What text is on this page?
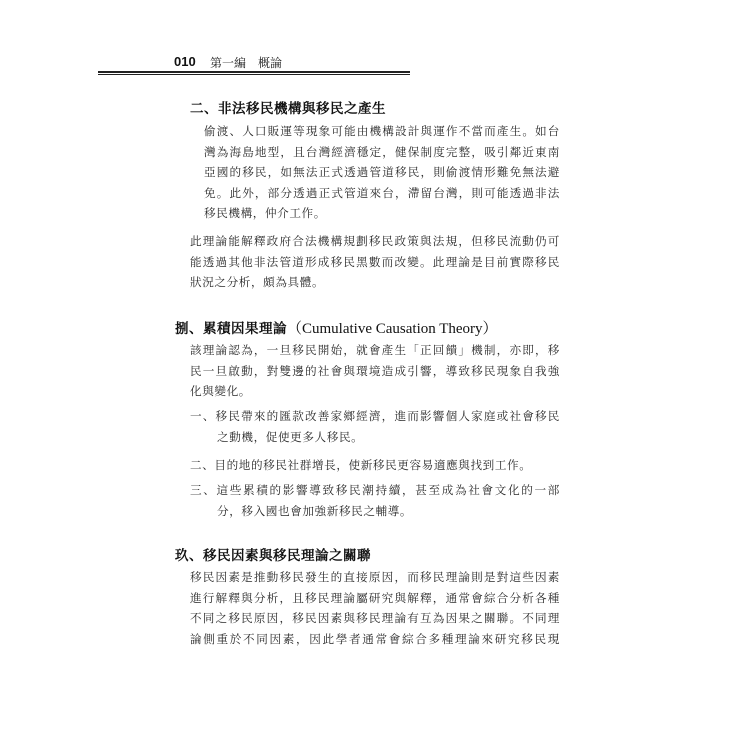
010 第一編　概論
二、非法移民機構與移民之產生
偷渡、人口販運等現象可能由機構設計與運作不當而產生。如台
灣為海島地型，且台灣經濟穩定，健保制度完整，吸引鄰近東南
亞國的移民，如無法正式透過管道移民，則偷渡情形難免無法避
免。此外，部分透過正式管道來台，滯留台灣，則可能透過非法
移民機構，仲介工作。
此理論能解釋政府合法機構規劃移民政策與法規，但移民流動仍可
能透過其他非法管道形成移民黑數而改變。此理論是目前實際移民
狀況之分析，頗為具體。
捌、累積因果理論（Cumulative Causation Theory）
該理論認為，一旦移民開始，就會產生「正回饋」機制，亦即，移
民一旦啟動，對雙邊的社會與環境造成引響，導致移民現象自我強
化與變化。
一、移民帶來的匯款改善家鄉經濟，進而影響個人家庭或社會移民
之動機，促使更多人移民。
二、目的地的移民社群增長，使新移民更容易適應與找到工作。
三、這些累積的影響導致移民潮持續，甚至成為社會文化的一部
分，移入國也會加強新移民之輔導。
玖、移民因素與移民理論之關聯
移民因素是推動移民發生的直接原因，而移民理論則是對這些因素
進行解釋與分析，且移民理論屬研究與解釋，通常會綜合分析各種
不同之移民原因，移民因素與移民理論有互為因果之關聯。不同理
論側重於不同因素，因此學者通常會綜合多種理論來研究移民現
